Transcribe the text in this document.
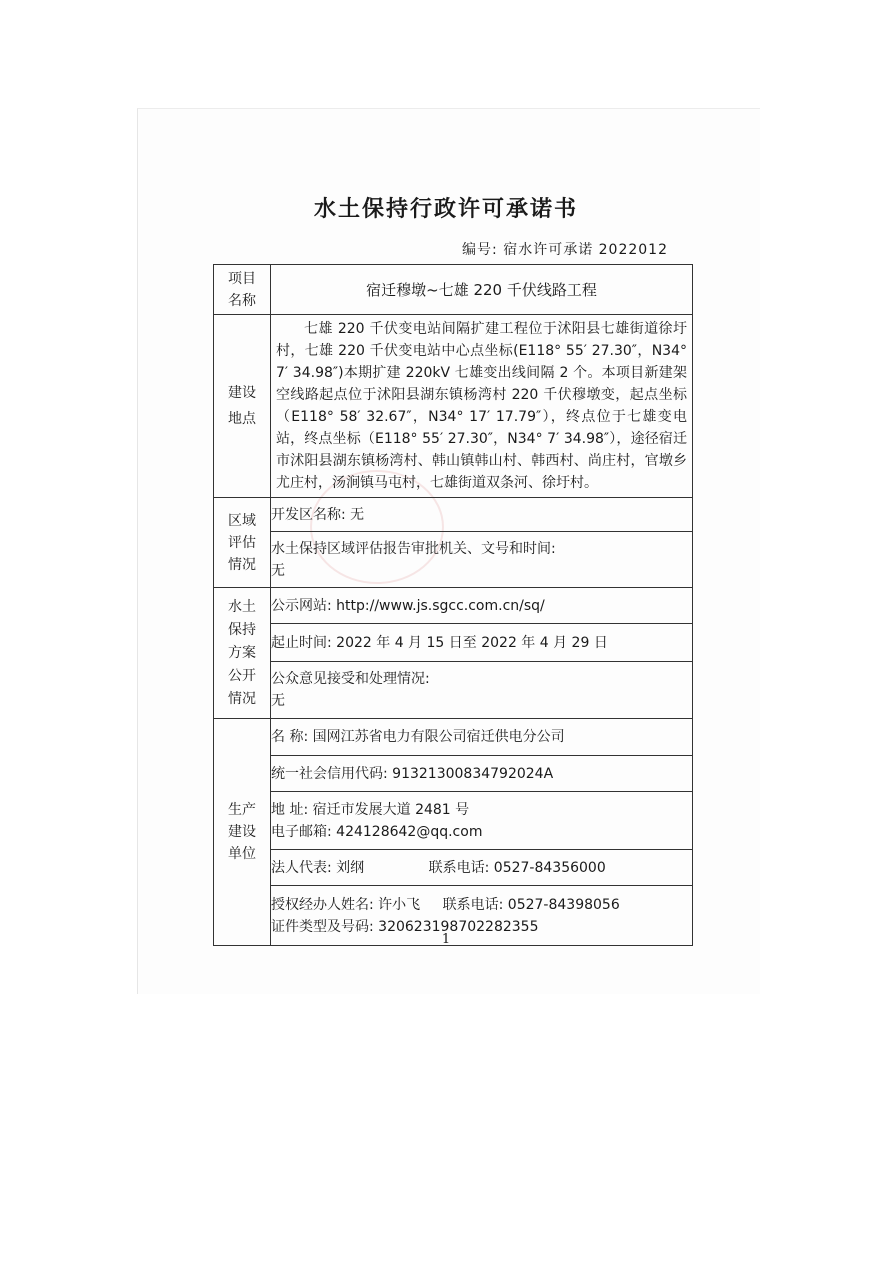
水土保持行政许可承诺书
编号: 宿水许可承诺 2022012
项目名称	宿迁穆墩~七雄 220 千伏线路工程

建设地点	七雄 220 千伏变电站间隔扩建工程位于沭阳县七雄街道徐圩村，七雄 220 千伏变电站中心点坐标(E118° 55′ 27.30″，N34° 7′ 34.98″)本期扩建 220kV 七雄变出线间隔 2 个。本项目新建架空线路起点位于沭阳县湖东镇杨湾村 220 千伏穆墩变，起点坐标（E118° 58′ 32.67″，N34° 17′ 17.79″），终点位于七雄变电站，终点坐标（E118° 55′ 27.30″，N34° 7′ 34.98″），途径宿迁市沭阳县湖东镇杨湾村、韩山镇韩山村、韩西村、尚庄村，官墩乡尤庄村，汤涧镇马屯村，七雄街道双条河、徐圩村。

区域评估情况	开发区名称: 无

	水土保持区域评估报告审批机关、文号和时间:
无

水土保持方案公开情况	公示网站: http://www.js.sgcc.com.cn/sq/
	起止时间: 2022 年 4 月 15 日至 2022 年 4 月 29 日

	公众意见接受和处理情况:
无

生产建设单位	名 称: 国网江苏省电力有限公司宿迁供电分公司
	统一社会信用代码: 91321300834792024A

	地 址: 宿迁市发展大道 2481 号
电子邮箱: 424128642@qq.com

	法人代表: 刘纲 联系电话: 0527-84356000

	授权经办人姓名: 许小飞 联系电话: 0527-84398056
证件类型及号码: 320623198702282355
1
